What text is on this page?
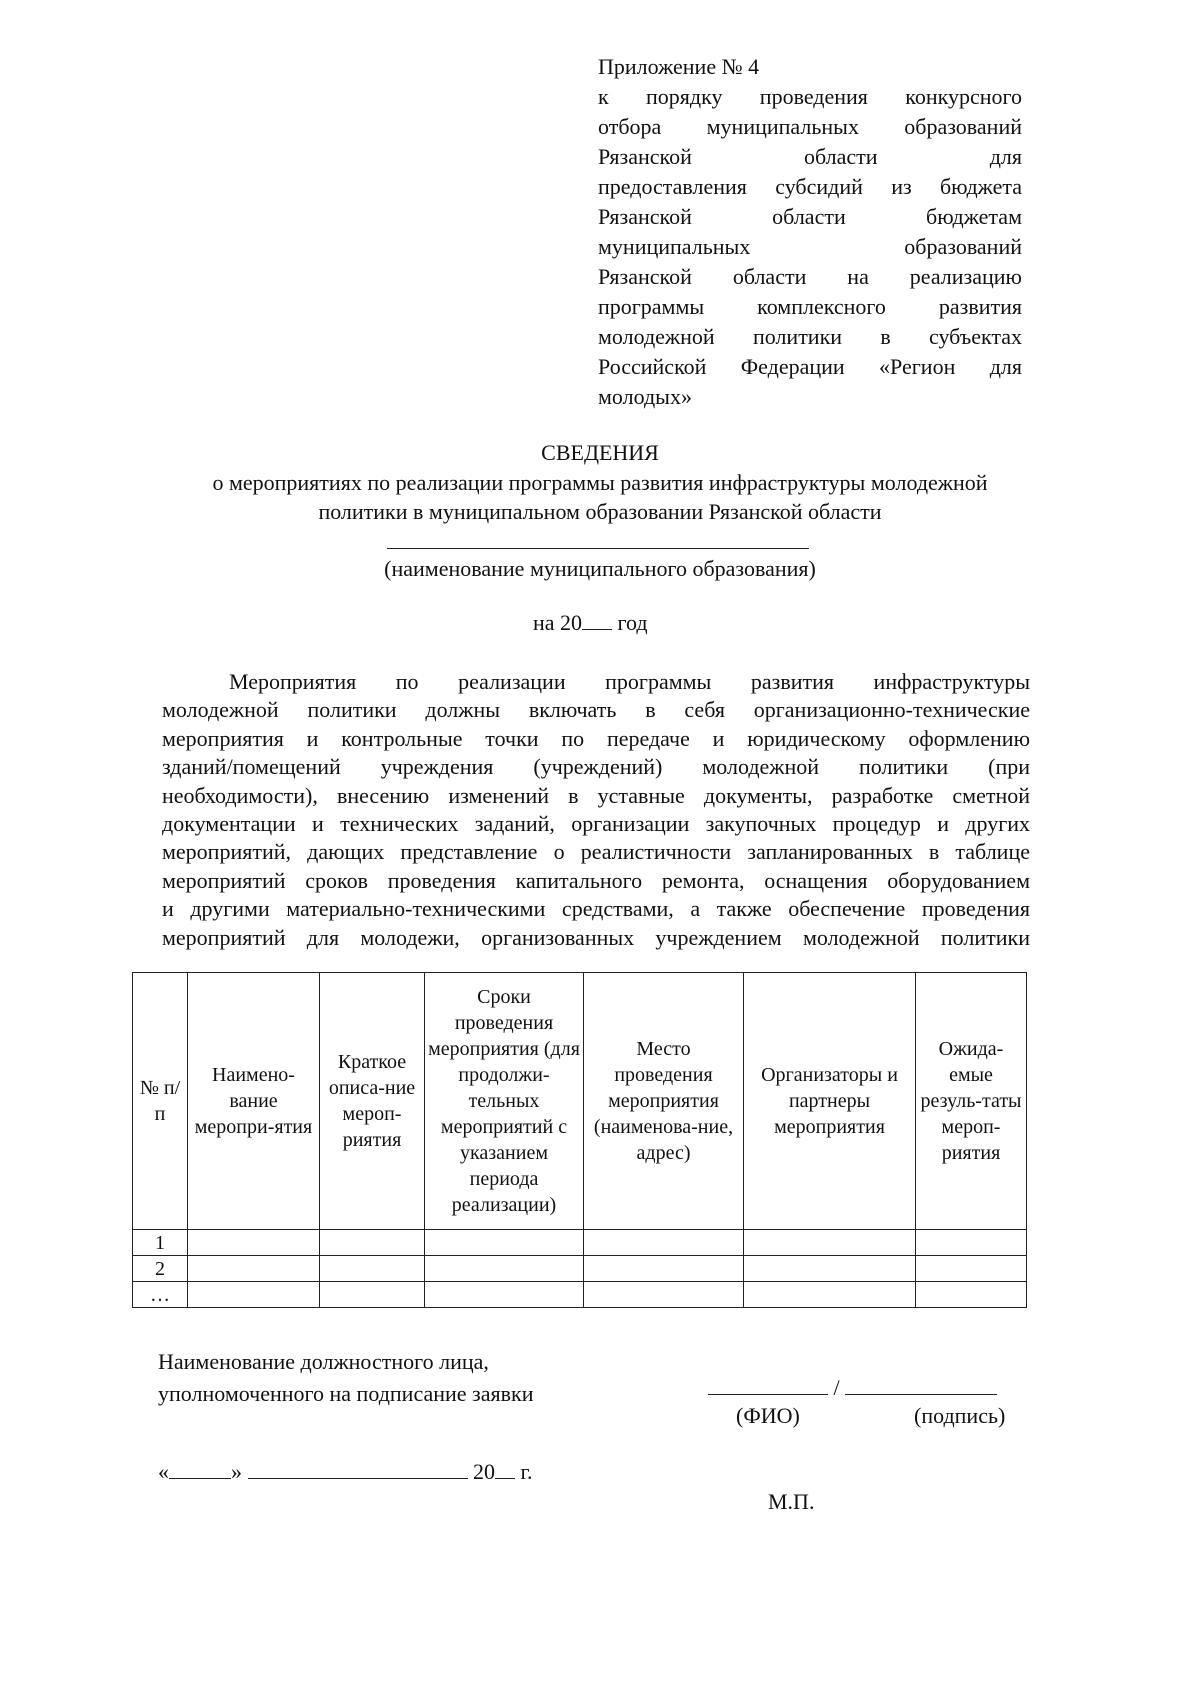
Приложение № 4
к порядку проведения конкурсного
отбора муниципальных образований
Рязанской области для
предоставления субсидий из бюджета
Рязанской области бюджетам
муниципальных образований
Рязанской области на реализацию
программы комплексного развития
молодежной политики в субъектах
Российской Федерации «Регион для
молодых»
СВЕДЕНИЯ
о мероприятиях по реализации программы развития инфраструктуры молодежной
политики в муниципальном образовании Рязанской области
(наименование муниципального образования)
на 20 год
Мероприятия по реализации программы развития инфраструктуры
молодежной политики должны включать в себя организационно-технические
мероприятия и контрольные точки по передаче и юридическому оформлению
зданий/помещений учреждения (учреждений) молодежной политики (при
необходимости), внесению изменений в уставные документы, разработке сметной
документации и технических заданий, организации закупочных процедур и других
мероприятий, дающих представление о реалистичности запланированных в таблице
мероприятий сроков проведения капитального ремонта, оснащения оборудованием
и другими материально-техническими средствами, а также обеспечение проведения
мероприятий для молодежи, организованных учреждением молодежной политики
№ п/п	Наимено-вание меропри-ятия	Краткое описа-ние мероп-риятия	Сроки проведения мероприятия (для продолжи-тельных мероприятий с указанием периода реализации)	Место проведения мероприятия (наименова-ние, адрес)	Организаторы и партнеры мероприятия	Ожида-емые резуль-таты мероп-риятия
1						
2						
…						
Наименование должностного лица,
уполномоченного на подписание заявки	/
(ФИО)	(подпись)
«	»	20 г.
М.П.
